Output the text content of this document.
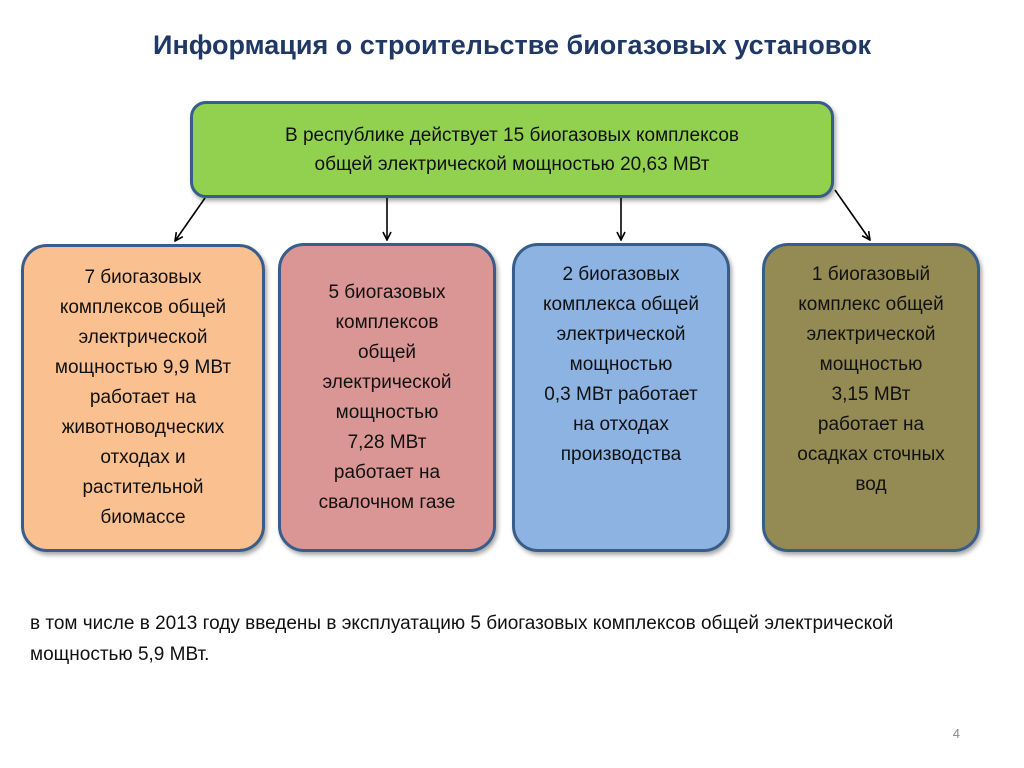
Информация о строительстве биогазовых установок
В республике действует 15 биогазовых комплексов
общей электрической мощностью 20,63 МВт
7 биогазовых
комплексов общей
электрической
мощностью 9,9 МВт
работает на
животноводческих
отходах и
растительной
биомассе
5 биогазовых
комплексов
общей
электрической
мощностью
7,28 МВт
работает на
свалочном газе
2 биогазовых
комплекса общей
электрической
мощностью
0,3 МВт работает
на отходах
производства
1 биогазовый
комплекс общей
электрической
мощностью
3,15 МВт
работает на
осадках сточных
вод
в том числе в 2013 году введены в эксплуатацию 5 биогазовых комплексов общей электрической мощностью 5,9 МВт.
4
